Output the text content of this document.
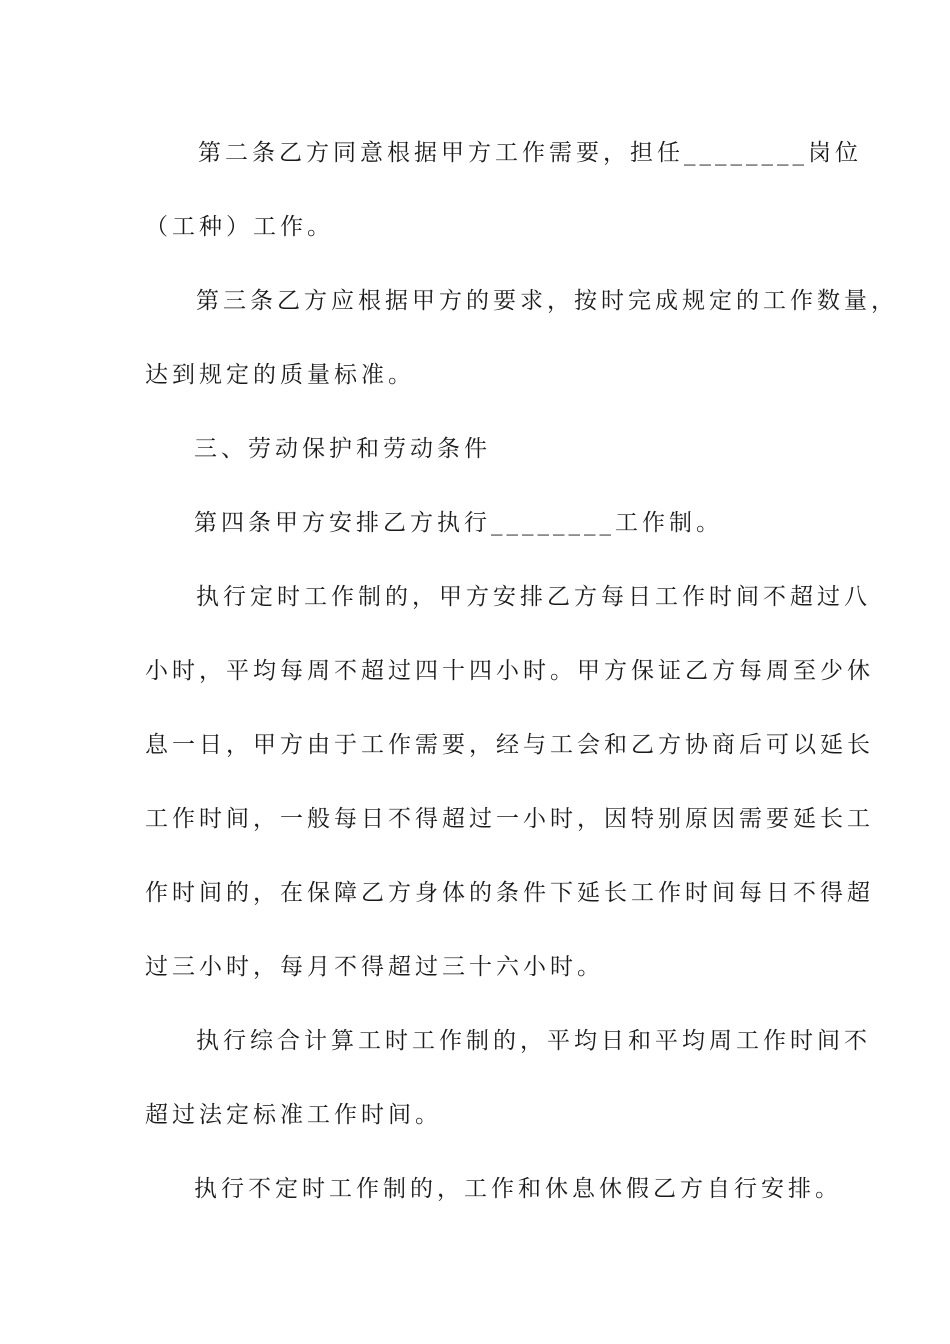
第二条乙方同意根据甲方工作需要，担任________岗位
（工种）工作。
第三条乙方应根据甲方的要求，按时完成规定的工作数量，
达到规定的质量标准。
三、劳动保护和劳动条件
第四条甲方安排乙方执行________工作制。
执行定时工作制的，甲方安排乙方每日工作时间不超过八
小时，平均每周不超过四十四小时。甲方保证乙方每周至少休
息一日，甲方由于工作需要，经与工会和乙方协商后可以延长
工作时间，一般每日不得超过一小时，因特别原因需要延长工
作时间的，在保障乙方身体的条件下延长工作时间每日不得超
过三小时，每月不得超过三十六小时。
执行综合计算工时工作制的，平均日和平均周工作时间不
超过法定标准工作时间。
执行不定时工作制的，工作和休息休假乙方自行安排。
